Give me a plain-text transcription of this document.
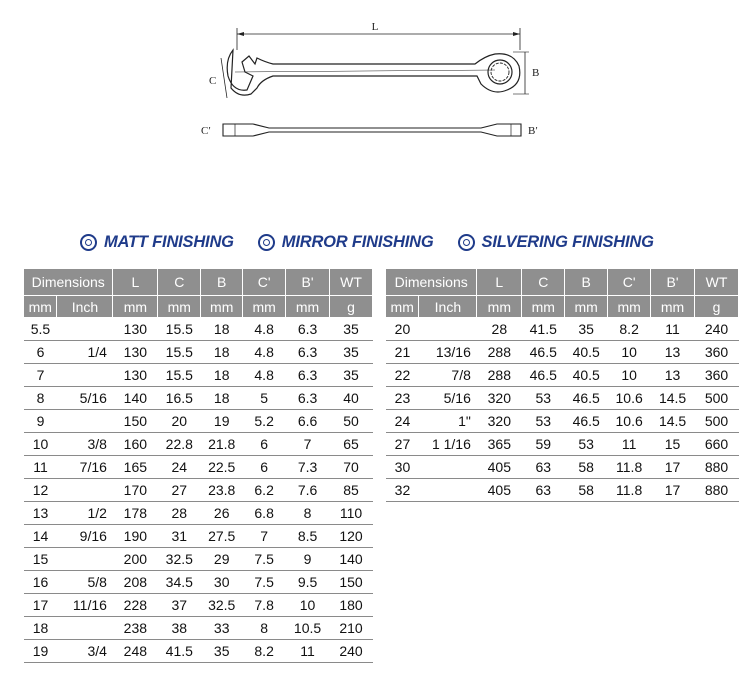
L
C
B
C′	B′
MATT FINISHING	MIRROR FINISHING	SILVERING FINISHING
Dimensions		L	C	B	C'	B'	WT
mm	Inch	mm	mm	mm	mm	mm	g
5.5		130	15.5	18	4.8	6.3	35
6	1/4	130	15.5	18	4.8	6.3	35
7		130	15.5	18	4.8	6.3	35
8	5/16	140	16.5	18	5	6.3	40
9		150	20	19	5.2	6.6	50
10	3/8	160	22.8	21.8	6	7	65
11	7/16	165	24	22.5	6	7.3	70
12		170	27	23.8	6.2	7.6	85
13	1/2	178	28	26	6.8	8	110
14	9/16	190	31	27.5	7	8.5	120
15		200	32.5	29	7.5	9	140
16	5/8	208	34.5	30	7.5	9.5	150
17	11/16	228	37	32.5	7.8	10	180
18		238	38	33	8	10.5	210
19	3/4	248	41.5	35	8.2	11	240
Dimensions		L	C	B	C'	B'	WT
mm	Inch	mm	mm	mm	mm	mm	g
20		28	41.5	35	8.2	11	240
21	13/16	288	46.5	40.5	10	13	360
22	7/8	288	46.5	40.5	10	13	360
23	5/16	320	53	46.5	10.6	14.5	500
24	1"	320	53	46.5	10.6	14.5	500
27	1 1/16	365	59	53	11	15	660
30		405	63	58	11.8	17	880
32		405	63	58	11.8	17	880
